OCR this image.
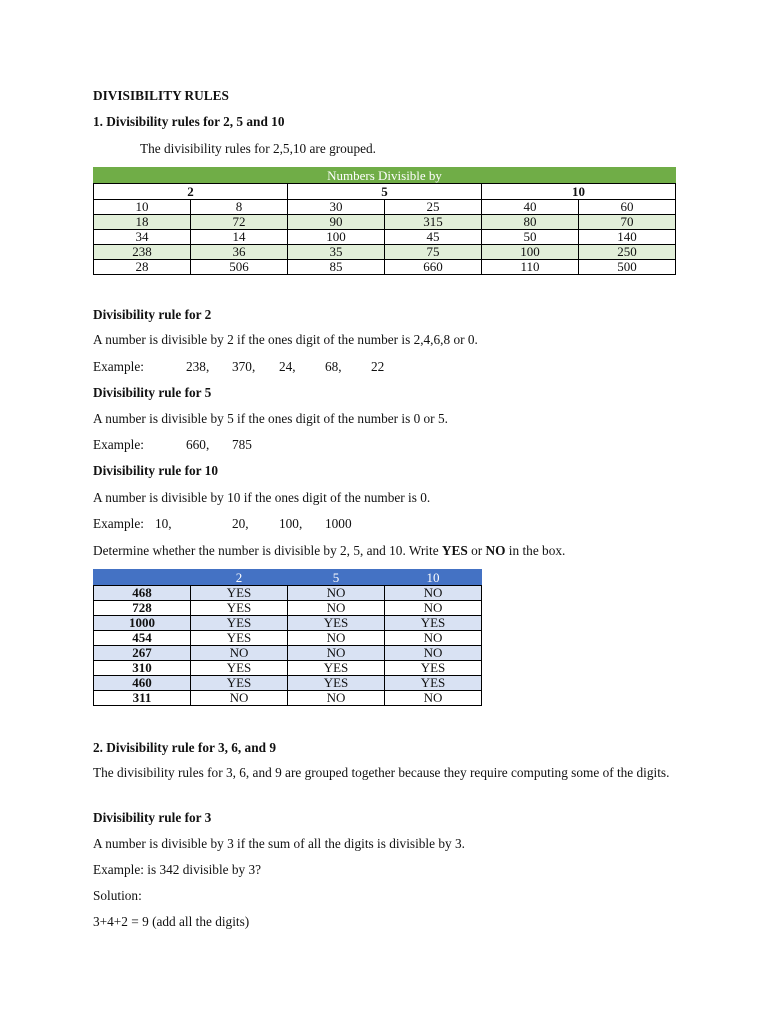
DIVISIBILITY RULES
1. Divisibility rules for 2, 5 and 10
The divisibility rules for 2,5,10 are grouped.
Numbers Divisible by					
2		5		10	
10	8	30	25	40	60
18	72	90	315	80	70
34	14	100	45	50	140
238	36	35	75	100	250
28	506	85	660	110	500
Divisibility rule for 2
A number is divisible by 2 if the ones digit of the number is 2,4,6,8 or 0.
Example:	238, 370, 24, 68, 22
Divisibility rule for 5
A number is divisible by 5 if the ones digit of the number is 0 or 5.
Example:	660, 785
Divisibility rule for 10
A number is divisible by 10 if the ones digit of the number is 0.
Example: 10,	20, 100, 1000
Determine whether the number is divisible by 2, 5, and 10. Write YES or NO in the box.
	2	5	10
468	YES	NO	NO
728	YES	NO	NO
1000	YES	YES	YES
454	YES	NO	NO
267	NO	NO	NO
310	YES	YES	YES
460	YES	YES	YES
311	NO	NO	NO
2. Divisibility rule for 3, 6, and 9
The divisibility rules for 3, 6, and 9 are grouped together because they require computing some of the digits.
Divisibility rule for 3
A number is divisible by 3 if the sum of all the digits is divisible by 3.
Example: is 342 divisible by 3?
Solution:
3+4+2 = 9 (add all the digits)
